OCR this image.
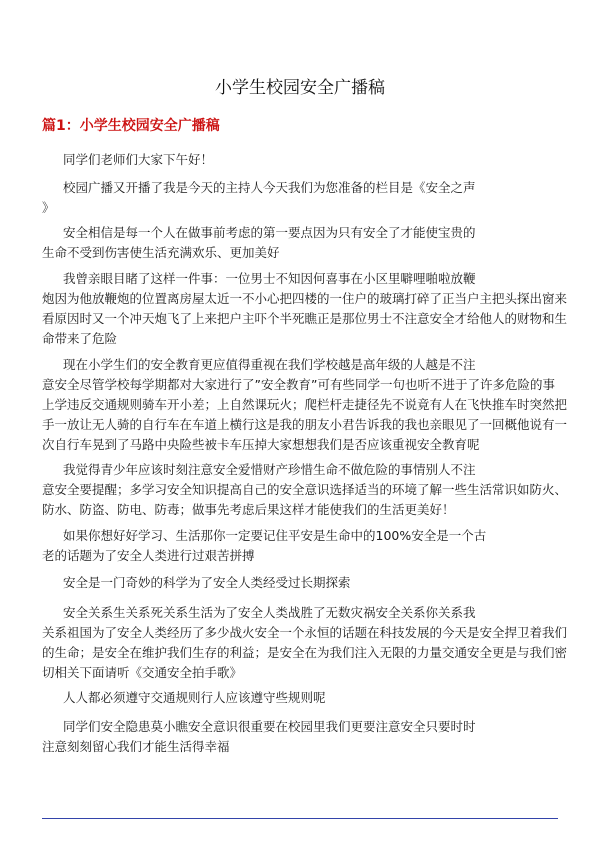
小学生校园安全广播稿
篇1：小学生校园安全广播稿
同学们老师们大家下午好！
校园广播又开播了我是今天的主持人今天我们为您准备的栏目是《安全之声
》
安全相信是每一个人在做事前考虑的第一要点因为只有安全了才能使宝贵的
生命不受到伤害使生活充满欢乐、更加美好
我曾亲眼目睹了这样一件事：一位男士不知因何喜事在小区里噼哩啪啦放鞭
炮因为他放鞭炮的位置离房屋太近一不小心把四楼的一住户的玻璃打碎了正当户主把头探出窗来
看原因时又一个冲天炮飞了上来把户主吓个半死瞧正是那位男士不注意安全才给他人的财物和生
命带来了危险
现在小学生们的安全教育更应值得重视在我们学校越是高年级的人越是不注
意安全尽管学校每学期都对大家进行了”安全教育”可有些同学一句也听不进于了许多危险的事
上学违反交通规则骑车开小差；上自然课玩火；爬栏杆走捷径先不说竟有人在飞快推车时突然把
手一放让无人骑的自行车在车道上横行这是我的朋友小君告诉我的我也亲眼见了一回概他说有一
次自行车晃到了马路中央险些被卡车压掉大家想想我们是否应该重视安全教育呢
我觉得青少年应该时刻注意安全爱惜财产珍惜生命不做危险的事情别人不注
意安全要提醒；多学习安全知识提高自己的安全意识选择适当的环境了解一些生活常识如防火、
防水、防盗、防电、防毒；做事先考虑后果这样才能使我们的生活更美好！
如果你想好好学习、生活那你一定要记住平安是生命中的100%安全是一个古
老的话题为了安全人类进行过艰苦拼搏
安全是一门奇妙的科学为了安全人类经受过长期探索
安全关系生关系死关系生活为了安全人类战胜了无数灾祸安全关系你关系我
关系祖国为了安全人类经历了多少战火安全一个永恒的话题在科技发展的今天是安全捍卫着我们
的生命；是安全在维护我们生存的利益；是安全在为我们注入无限的力量交通安全更是与我们密
切相关下面请听《交通安全拍手歌》
人人都必须遵守交通规则行人应该遵守些规则呢
同学们安全隐患莫小瞧安全意识很重要在校园里我们更要注意安全只要时时
注意刻刻留心我们才能生活得幸福
